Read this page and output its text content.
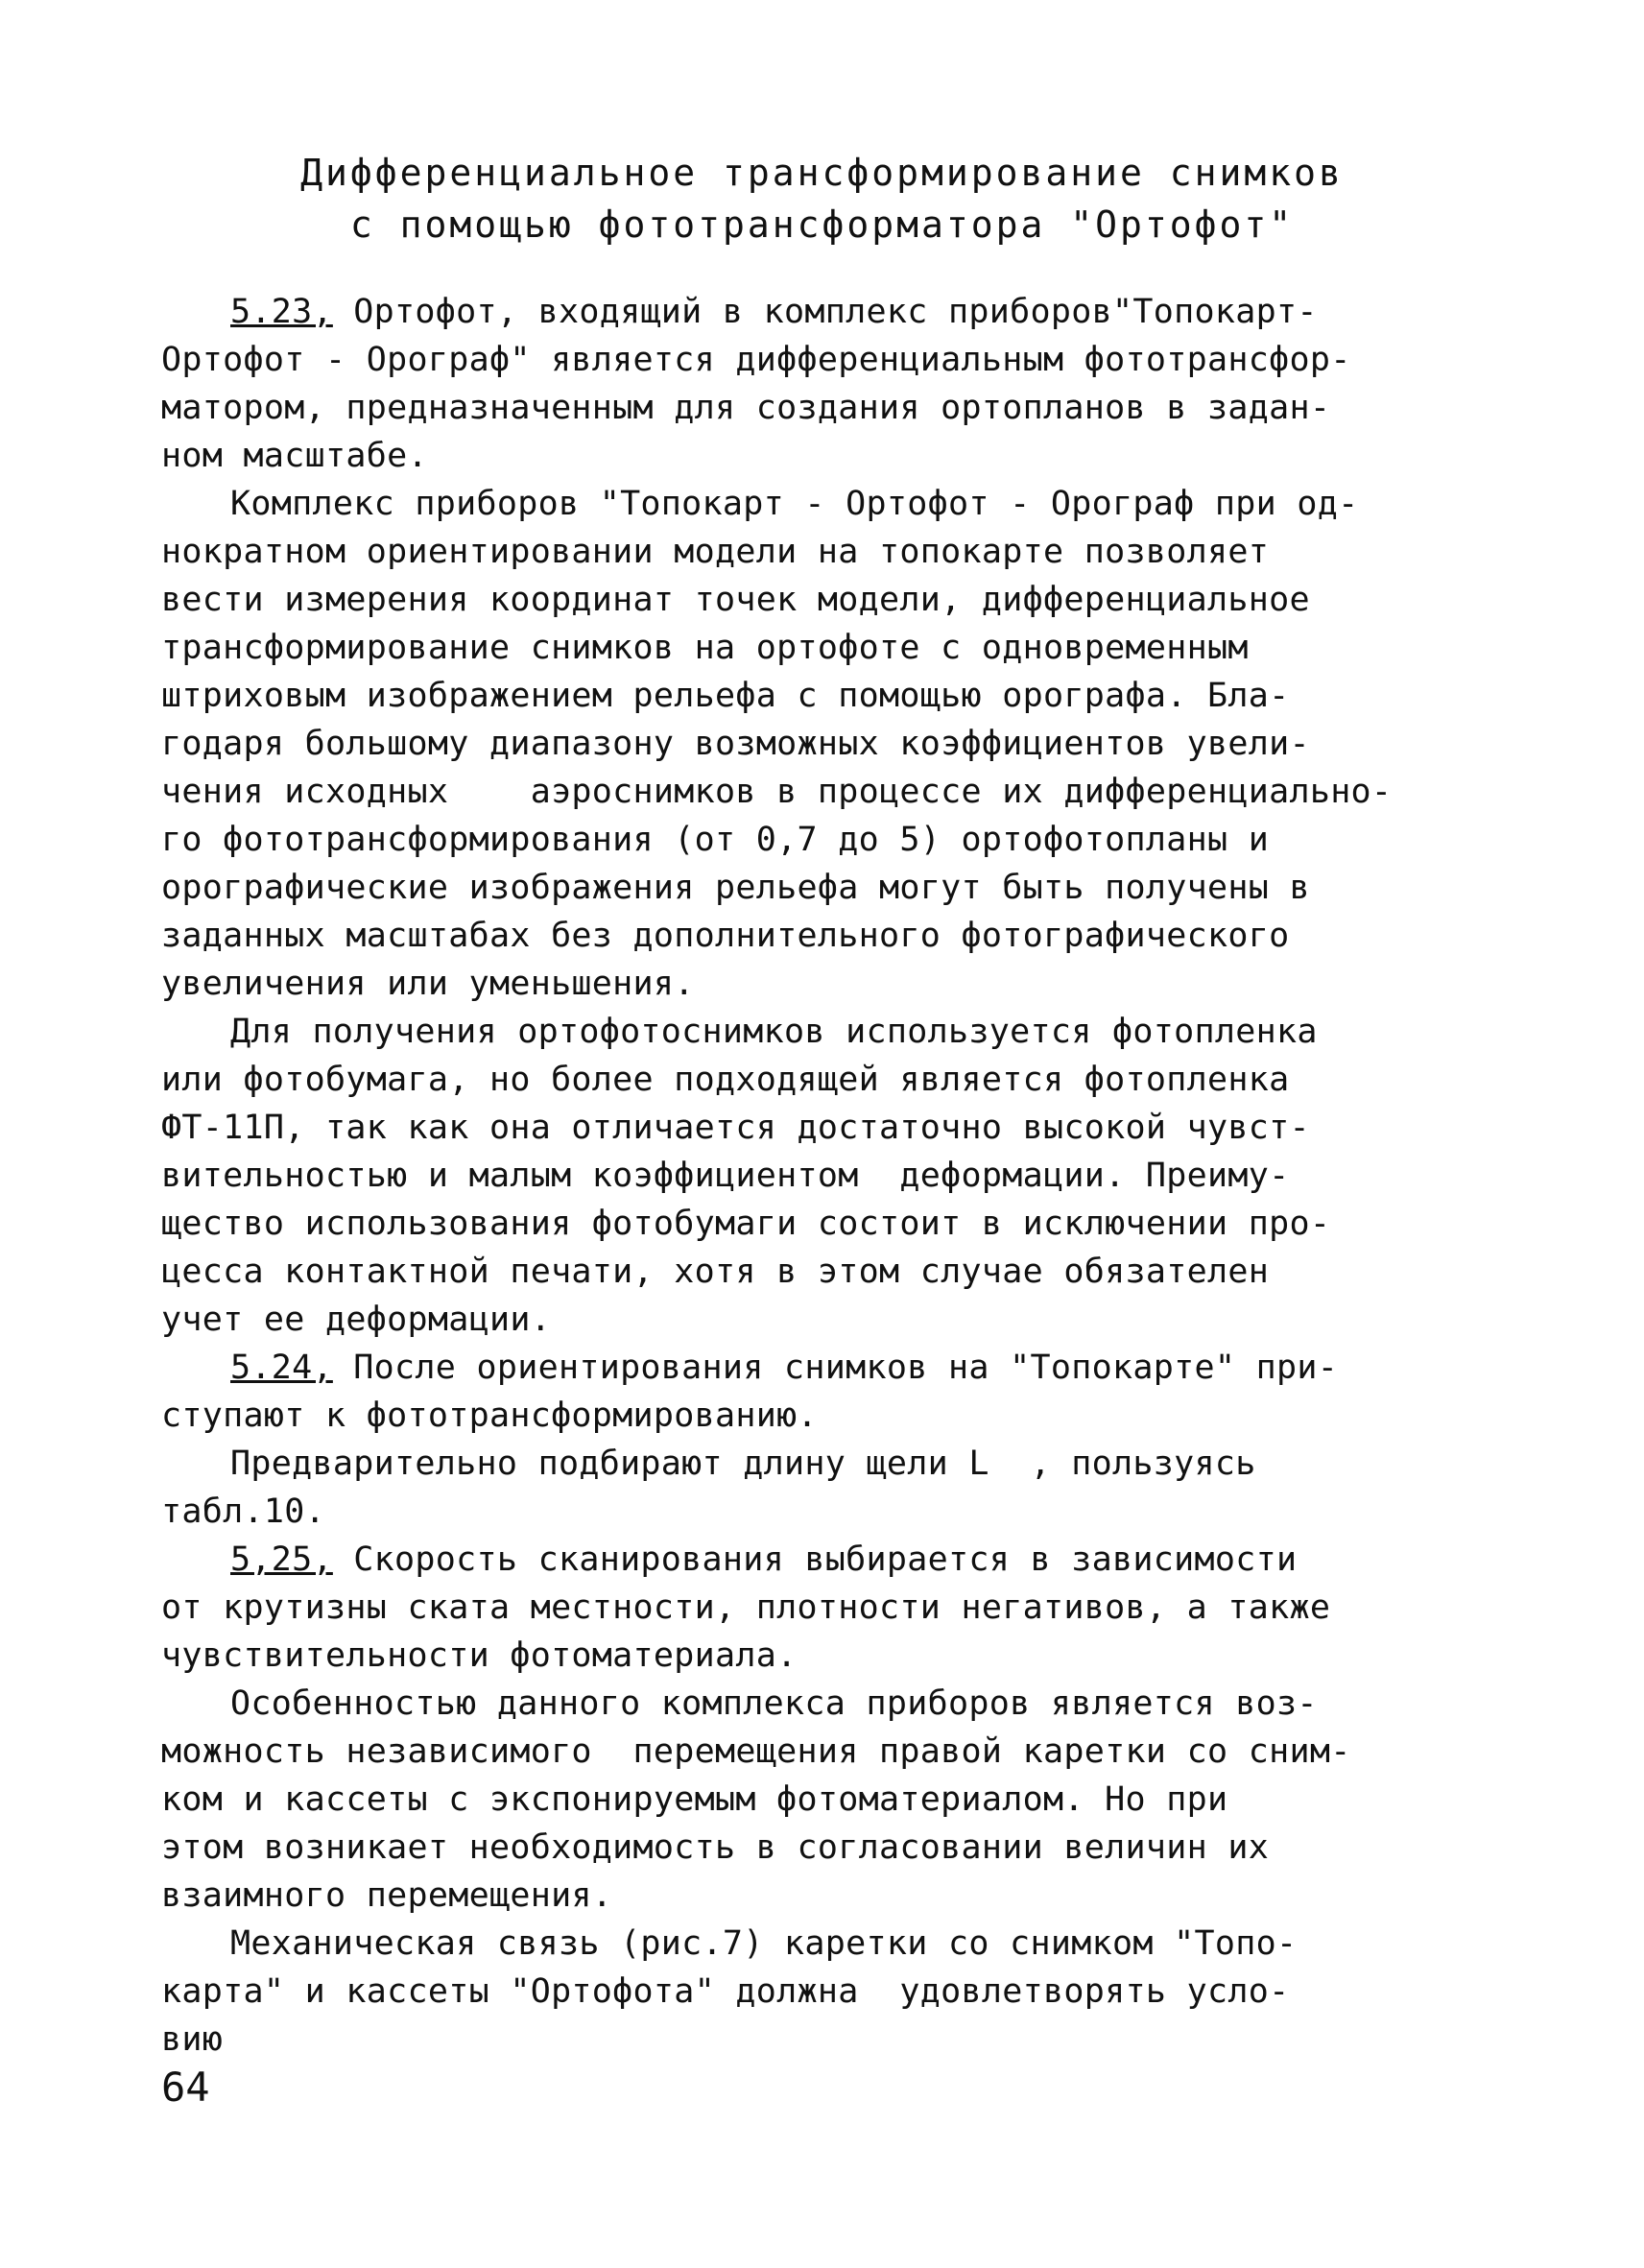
Дифференциальное трансформирование снимков
с помощью фототрансформатора "Ортофот"
5.23, Ортофот, входящий в комплекс приборов"Топокарт-
Ортофот - Орограф" является дифференциальным фототрансфор-
матором, предназначенным для создания ортопланов в задан-
ном масштабе.
Комплекс приборов "Топокарт - Ортофот - Орограф при од-
нократном ориентировании модели на топокарте позволяет
вести измерения координат точек модели, дифференциальное
трансформирование снимков на ортофоте с одновременным
штриховым изображением рельефа с помощью орографа. Бла-
годаря большому диапазону возможных коэффициентов увели-
чения исходных    аэроснимков в процессе их дифференциально-
го фототрансформирования (от 0,7 до 5) ортофотопланы и
орографические изображения рельефа могут быть получены в
заданных масштабах без дополнительного фотографического
увеличения или уменьшения.
Для получения ортофотоснимков используется фотопленка
или фотобумага, но более подходящей является фотопленка
ФТ-11П, так как она отличается достаточно высокой чувст-
вительностью и малым коэффициентом  деформации. Преиму-
щество использования фотобумаги состоит в исключении про-
цесса контактной печати, хотя в этом случае обязателен
учет ее деформации.
5.24, После ориентирования снимков на "Топокарте" при-
ступают к фототрансформированию.
Предварительно подбирают длину щели L  , пользуясь
табл.10.
5,25, Скорость сканирования выбирается в зависимости
от крутизны ската местности, плотности негативов, а также
чувствительности фотоматериала.
Особенностью данного комплекса приборов является воз-
можность независимого  перемещения правой каретки со сним-
ком и кассеты с экспонируемым фотоматериалом. Но при
этом возникает необходимость в согласовании величин их
взаимного перемещения.
Механическая связь (рис.7) каретки со снимком "Топо-
карта" и кассеты "Ортофота" должна  удовлетворять усло-
вию
64
